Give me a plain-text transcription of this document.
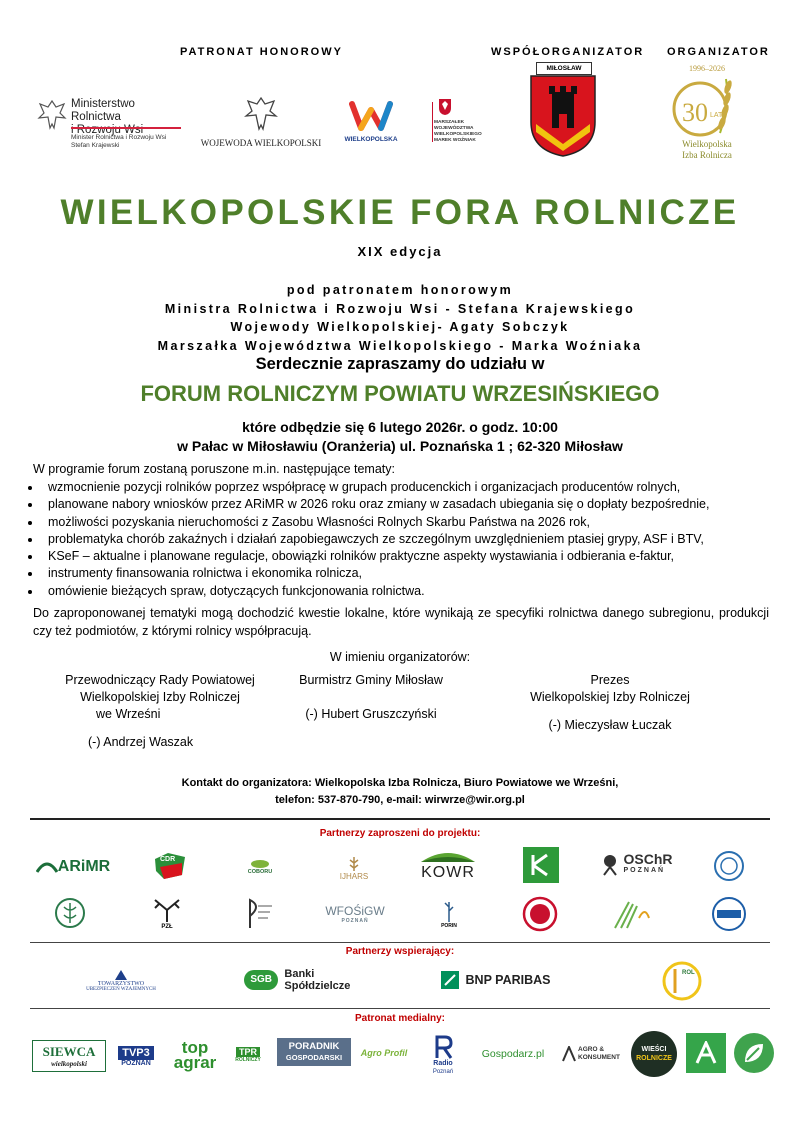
PATRONAT HONOROWY	WSPÓŁORGANIZATOR ORGANIZATOR
Ministerstwo Rolnictwa
i Rozwoju Wsi
Minister Rolnictwa i Rozwoju Wsi
Stefan Krajewski	WOJEWODA WIELKOPOLSKI	WIELKOPOLSKA
MARSZAŁEK
WOJEWÓDZTWA
WIELKOPOLSKIEGO
MAREK WOŹNIAK
MIŁOSŁAW	1996–2026
30 LAT
Wielkopolska
Izba Rolnicza
WIELKOPOLSKIE FORA ROLNICZE
XIX edycja
pod patronatem honorowym
Ministra Rolnictwa i Rozwoju Wsi - Stefana Krajewskiego
Wojewody Wielkopolskiej- Agaty Sobczyk
Marszałka Województwa Wielkopolskiego - Marka Woźniaka
Serdecznie zapraszamy do udziału w
FORUM ROLNICZYM POWIATU WRZESIŃSKIEGO
które odbędzie się 6 lutego 2026r. o godz. 10:00
w Pałac w Miłosławiu (Oranżeria) ul. Poznańska 1 ; 62-320 Miłosław
W programie forum zostaną poruszone m.in. następujące tematy:
• wzmocnienie pozycji rolników poprzez współpracę w grupach producenckich i organizacjach producentów rolnych,
• planowane nabory wniosków przez ARiMR w 2026 roku oraz zmiany w zasadach ubiegania się o dopłaty bezpośrednie,
• możliwości pozyskania nieruchomości z Zasobu Własności Rolnych Skarbu Państwa na 2026 rok,
• problematyka chorób zakaźnych i działań zapobiegawczych ze szczególnym uwzględnieniem ptasiej grypy, ASF i BTV,
• KSeF – aktualne i planowane regulacje, obowiązki rolników praktyczne aspekty wystawiania i odbierania e-faktur,
• instrumenty finansowania rolnictwa i ekonomika rolnicza,
• omówienie bieżących spraw, dotyczących funkcjonowania rolnictwa.
Do zaproponowanej tematyki mogą dochodzić kwestie lokalne, które wynikają ze specyfiki rolnictwa danego subregionu, produkcji czy też podmiotów, z którymi rolnicy współpracują.
W imieniu organizatorów:
Przewodniczący Rady Powiatowej
Wielkopolskiej Izby Rolniczej
we Wrześni
(-) Andrzej Waszak
Burmistrz Gminy Miłosław
(-) Hubert Gruszczyński
Prezes
Wielkopolskiej Izby Rolniczej
(-) Mieczysław Łuczak
Kontakt do organizatora: Wielkopolska Izba Rolnicza, Biuro Powiatowe we Wrześni,
telefon: 537-870-790, e-mail: wirwrze@wir.org.pl
Partnerzy zaproszeni do projektu:
ARiMR	CDR
COBORU	IJHARS	KOWR
OSChR
POZNAŃ
PZŁ
WFOŚiGW
POZNAŃ
PORIN
Partnerzy wspierający:
TOWARZYSTWO
UBEZPIECZEŃ WZAJEMNYCH
SGB	Banki Spółdzielcze	BNP PARIBAS	ROL
Patronat medialny:
SIEWCA
wielkopolski
TVP3
POZNAŃ
top
agrar
TPR
ROLNICZY
PORADNIK
GOSPODARSKI	Agro Profil
Radio
Poznań
Gospodarz.pl	AGRO &
KONSUMENT
WIEŚCI
ROLNICZE
